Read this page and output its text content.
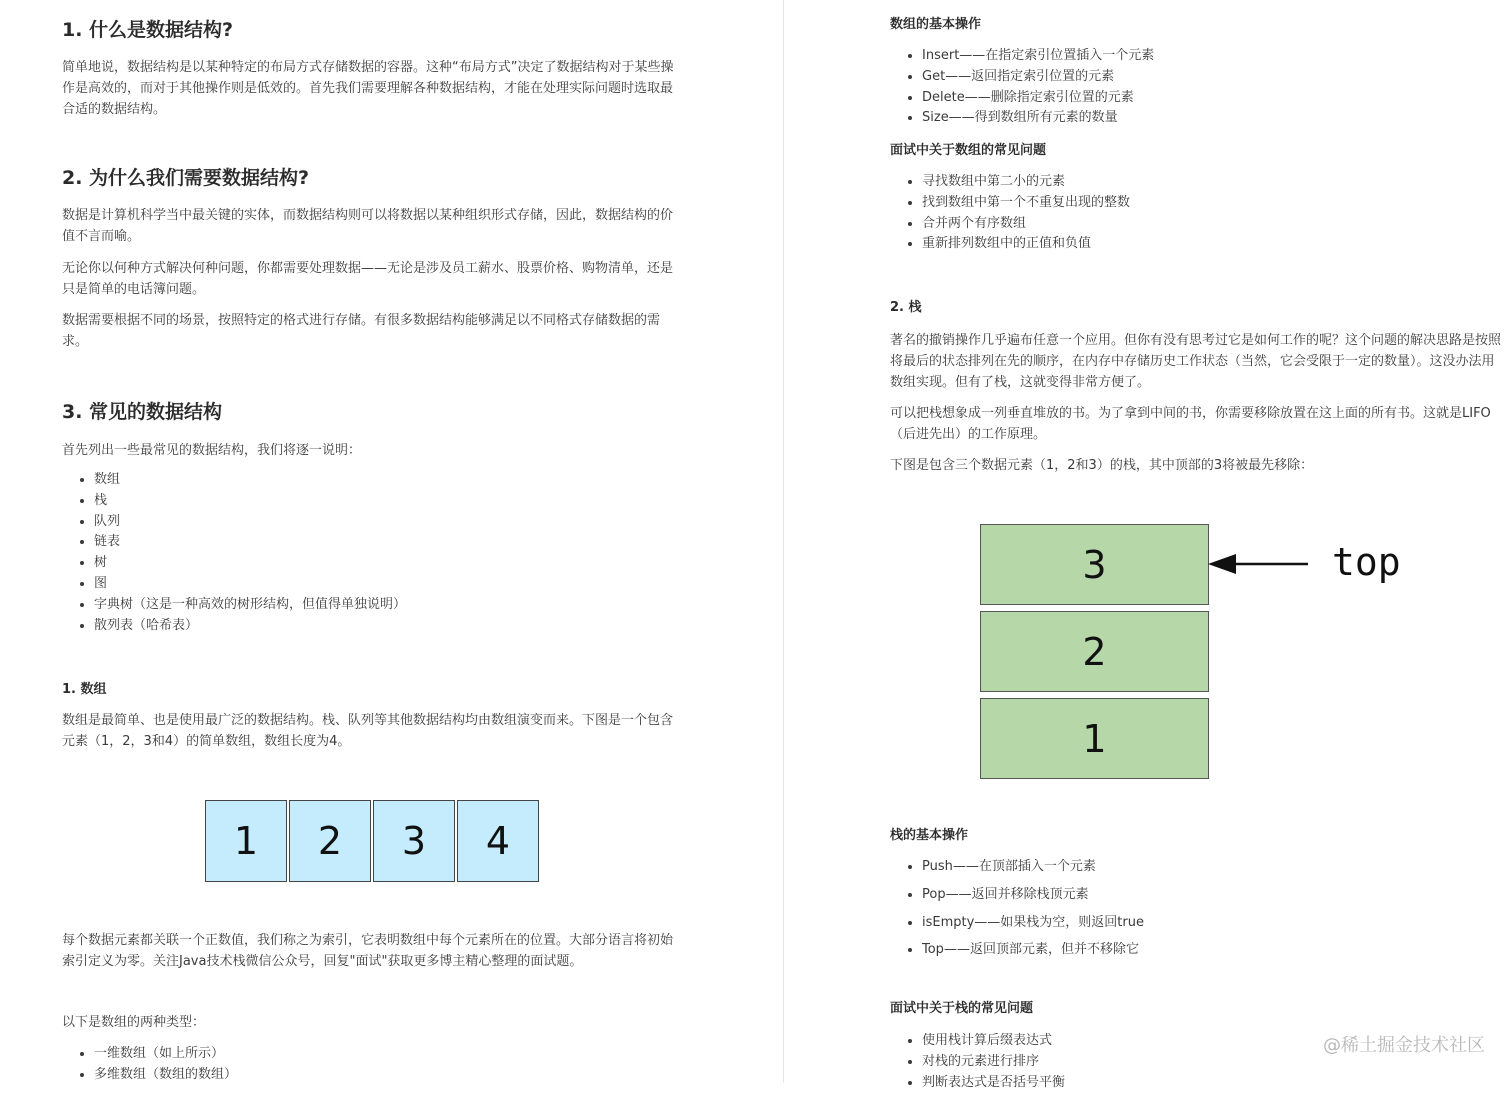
1. 什么是数据结构?

简单地说，数据结构是以某种特定的布局方式存储数据的容器。这种“布局方式”决定了数据结构对于某些操作是高效的，而对于其他操作则是低效的。首先我们需要理解各种数据结构，才能在处理实际问题时选取最合适的数据结构。

2. 为什么我们需要数据结构?

数据是计算机科学当中最关键的实体，而数据结构则可以将数据以某种组织形式存储，因此，数据结构的价值不言而喻。

无论你以何种方式解决何种问题，你都需要处理数据——无论是涉及员工薪水、股票价格、购物清单，还是只是简单的电话簿问题。

数据需要根据不同的场景，按照特定的格式进行存储。有很多数据结构能够满足以不同格式存储数据的需求。

3. 常见的数据结构

首先列出一些最常见的数据结构，我们将逐一说明：

• 数组
• 栈
• 队列
• 链表
• 树
• 图
• 字典树（这是一种高效的树形结构，但值得单独说明）
• 散列表（哈希表）
1. 数组

数组是最简单、也是使用最广泛的数据结构。栈、队列等其他数据结构均由数组演变而来。下图是一个包含元素（1，2，3和4）的简单数组，数组长度为4。

1	2	3	4

每个数据元素都关联一个正数值，我们称之为索引，它表明数组中每个元素所在的位置。大部分语言将初始索引定义为零。关注Java技术栈微信公众号，回复"面试"获取更多博主精心整理的面试题。

以下是数组的两种类型：

• 一维数组（如上所示）
• 多维数组（数组的数组）
数组的基本操作
• Insert——在指定索引位置插入一个元素
• Get——返回指定索引位置的元素
• Delete——删除指定索引位置的元素
• Size——得到数组所有元素的数量
面试中关于数组的常见问题
• 寻找数组中第二小的元素
• 找到数组中第一个不重复出现的整数
• 合并两个有序数组
• 重新排列数组中的正值和负值
2. 栈

著名的撤销操作几乎遍布任意一个应用。但你有没有思考过它是如何工作的呢？这个问题的解决思路是按照将最后的状态排列在先的顺序，在内存中存储历史工作状态（当然，它会受限于一定的数量）。这没办法用数组实现。但有了栈，这就变得非常方便了。

可以把栈想象成一列垂直堆放的书。为了拿到中间的书，你需要移除放置在这上面的所有书。这就是LIFO（后进先出）的工作原理。

下图是包含三个数据元素（1，2和3）的栈，其中顶部的3将被最先移除：

3
2
1
top
栈的基本操作
• Push——在顶部插入一个元素
• Pop——返回并移除栈顶元素
• isEmpty——如果栈为空，则返回true
• Top——返回顶部元素，但并不移除它
面试中关于栈的常见问题
• 使用栈计算后缀表达式
• 对栈的元素进行排序
• 判断表达式是否括号平衡
@稀土掘金技术社区
